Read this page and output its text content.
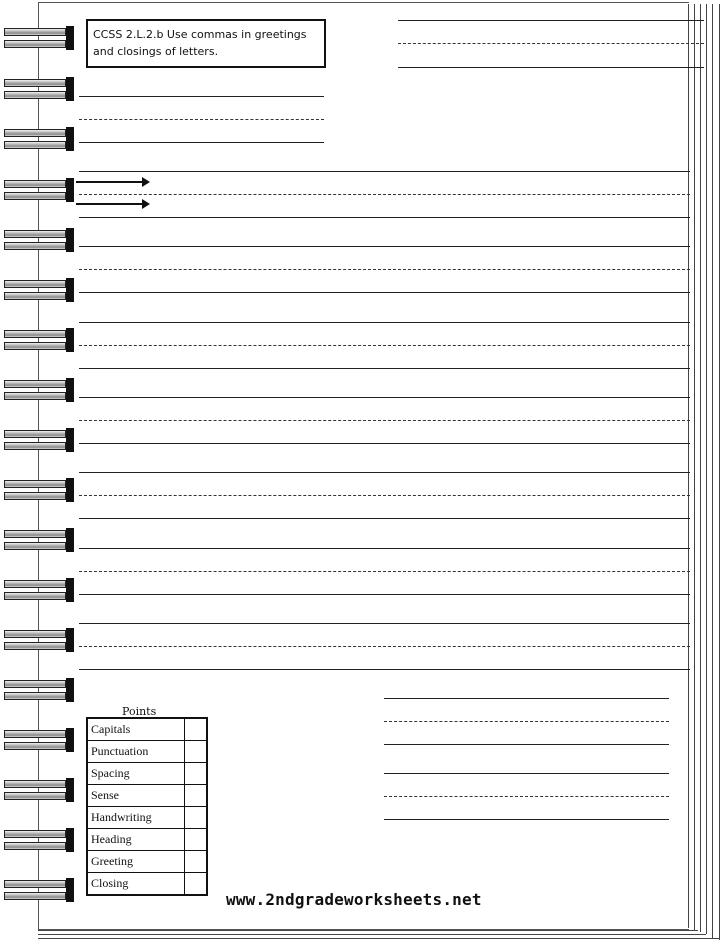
CCSS 2.L.2.b Use commas in greetings
and closings of letters.
Points
Capitals	
Punctuation	
Spacing	
Sense	
Handwriting	
Heading	
Greeting	
Closing	
www.2ndgradeworksheets.net
